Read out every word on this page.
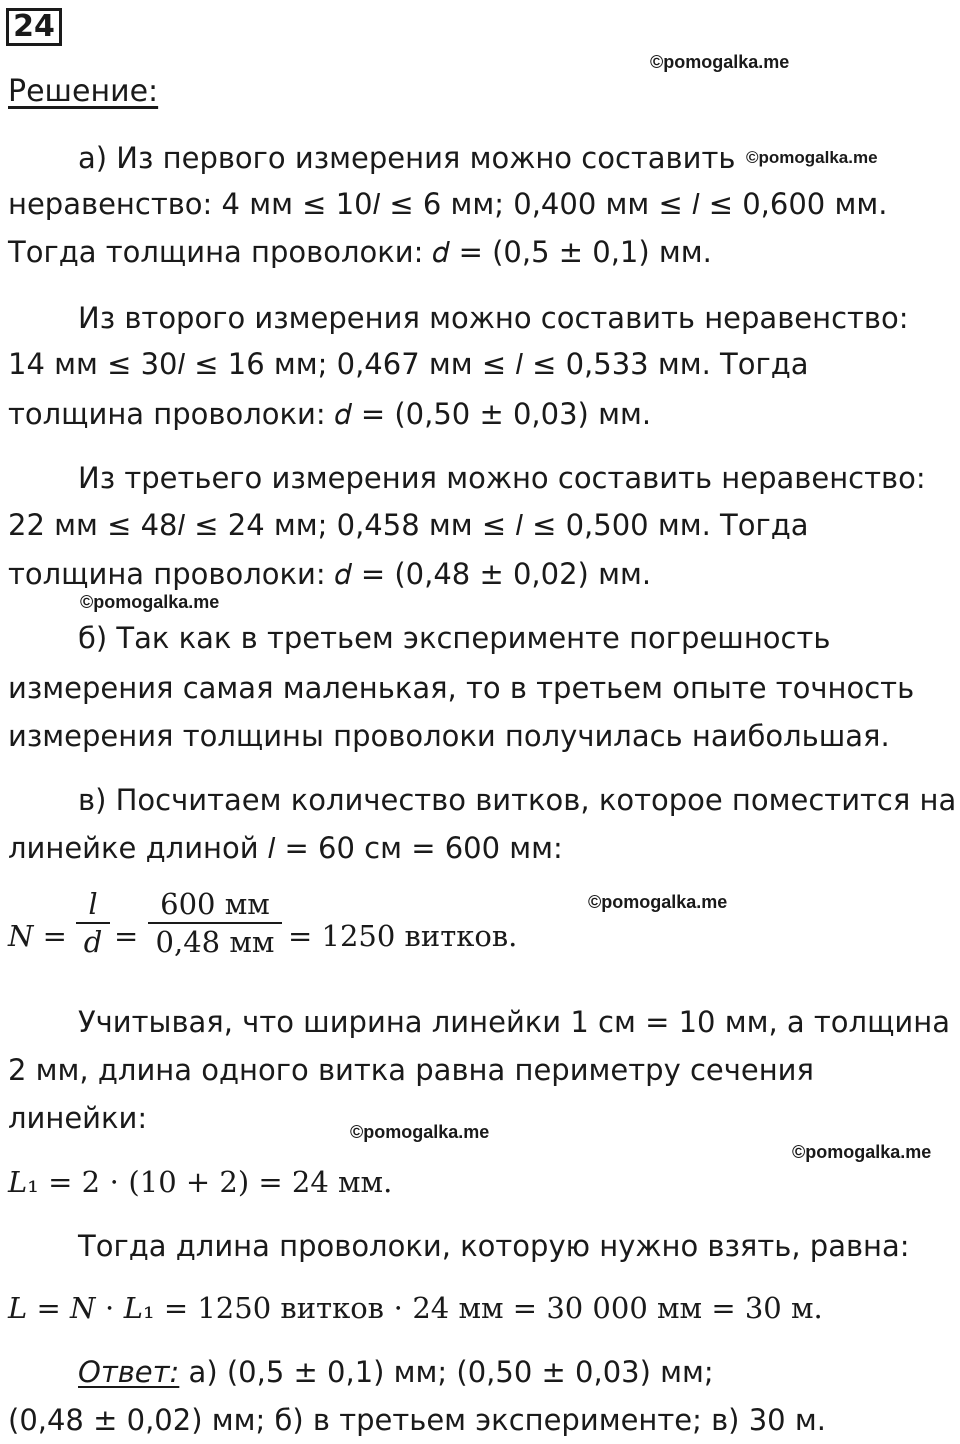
24
©pomogalka.me
Решение:
а) Из первого измерения можно составить ©pomogalka.me
неравенство: 4 мм ≤ 10𝑙 ≤ 6 мм; 0,400 мм ≤ 𝑙 ≤ 0,600 мм.
Тогда толщина проволоки: 𝑑 = (0,5 ± 0,1) мм.
Из второго измерения можно составить неравенство:
14 мм ≤ 30𝑙 ≤ 16 мм; 0,467 мм ≤ 𝑙 ≤ 0,533 мм. Тогда
толщина проволоки: 𝑑 = (0,50 ± 0,03) мм.
Из третьего измерения можно составить неравенство:
22 мм ≤ 48𝑙 ≤ 24 мм; 0,458 мм ≤ 𝑙 ≤ 0,500 мм. Тогда
толщина проволоки: 𝑑 = (0,48 ± 0,02) мм.
©pomogalka.me
б) Так как в третьем эксперименте погрешность
измерения самая маленькая, то в третьем опыте точность
измерения толщины проволоки получилась наибольшая.
в) Посчитаем количество витков, которое поместится на
линейке длиной 𝑙 = 60 см = 600 мм:
𝑁 =
𝑙
𝑑 =
600 мм
0,48 мм = 1250 витков.
©pomogalka.me
Учитывая, что ширина линейки 1 см = 10 мм, а толщина
2 мм, длина одного витка равна периметру сечения
линейки:	©pomogalka.me
©pomogalka.me
𝐿₁ = 2 ⋅ (10 + 2) = 24 мм.
Тогда длина проволоки, которую нужно взять, равна:
𝐿 = 𝑁 ⋅ 𝐿₁ = 1250 витков ⋅ 24 мм = 30 000 мм = 30 м.
Ответ: а) (0,5 ± 0,1) мм; (0,50 ± 0,03) мм;
(0,48 ± 0,02) мм; б) в третьем эксперименте; в) 30 м.
